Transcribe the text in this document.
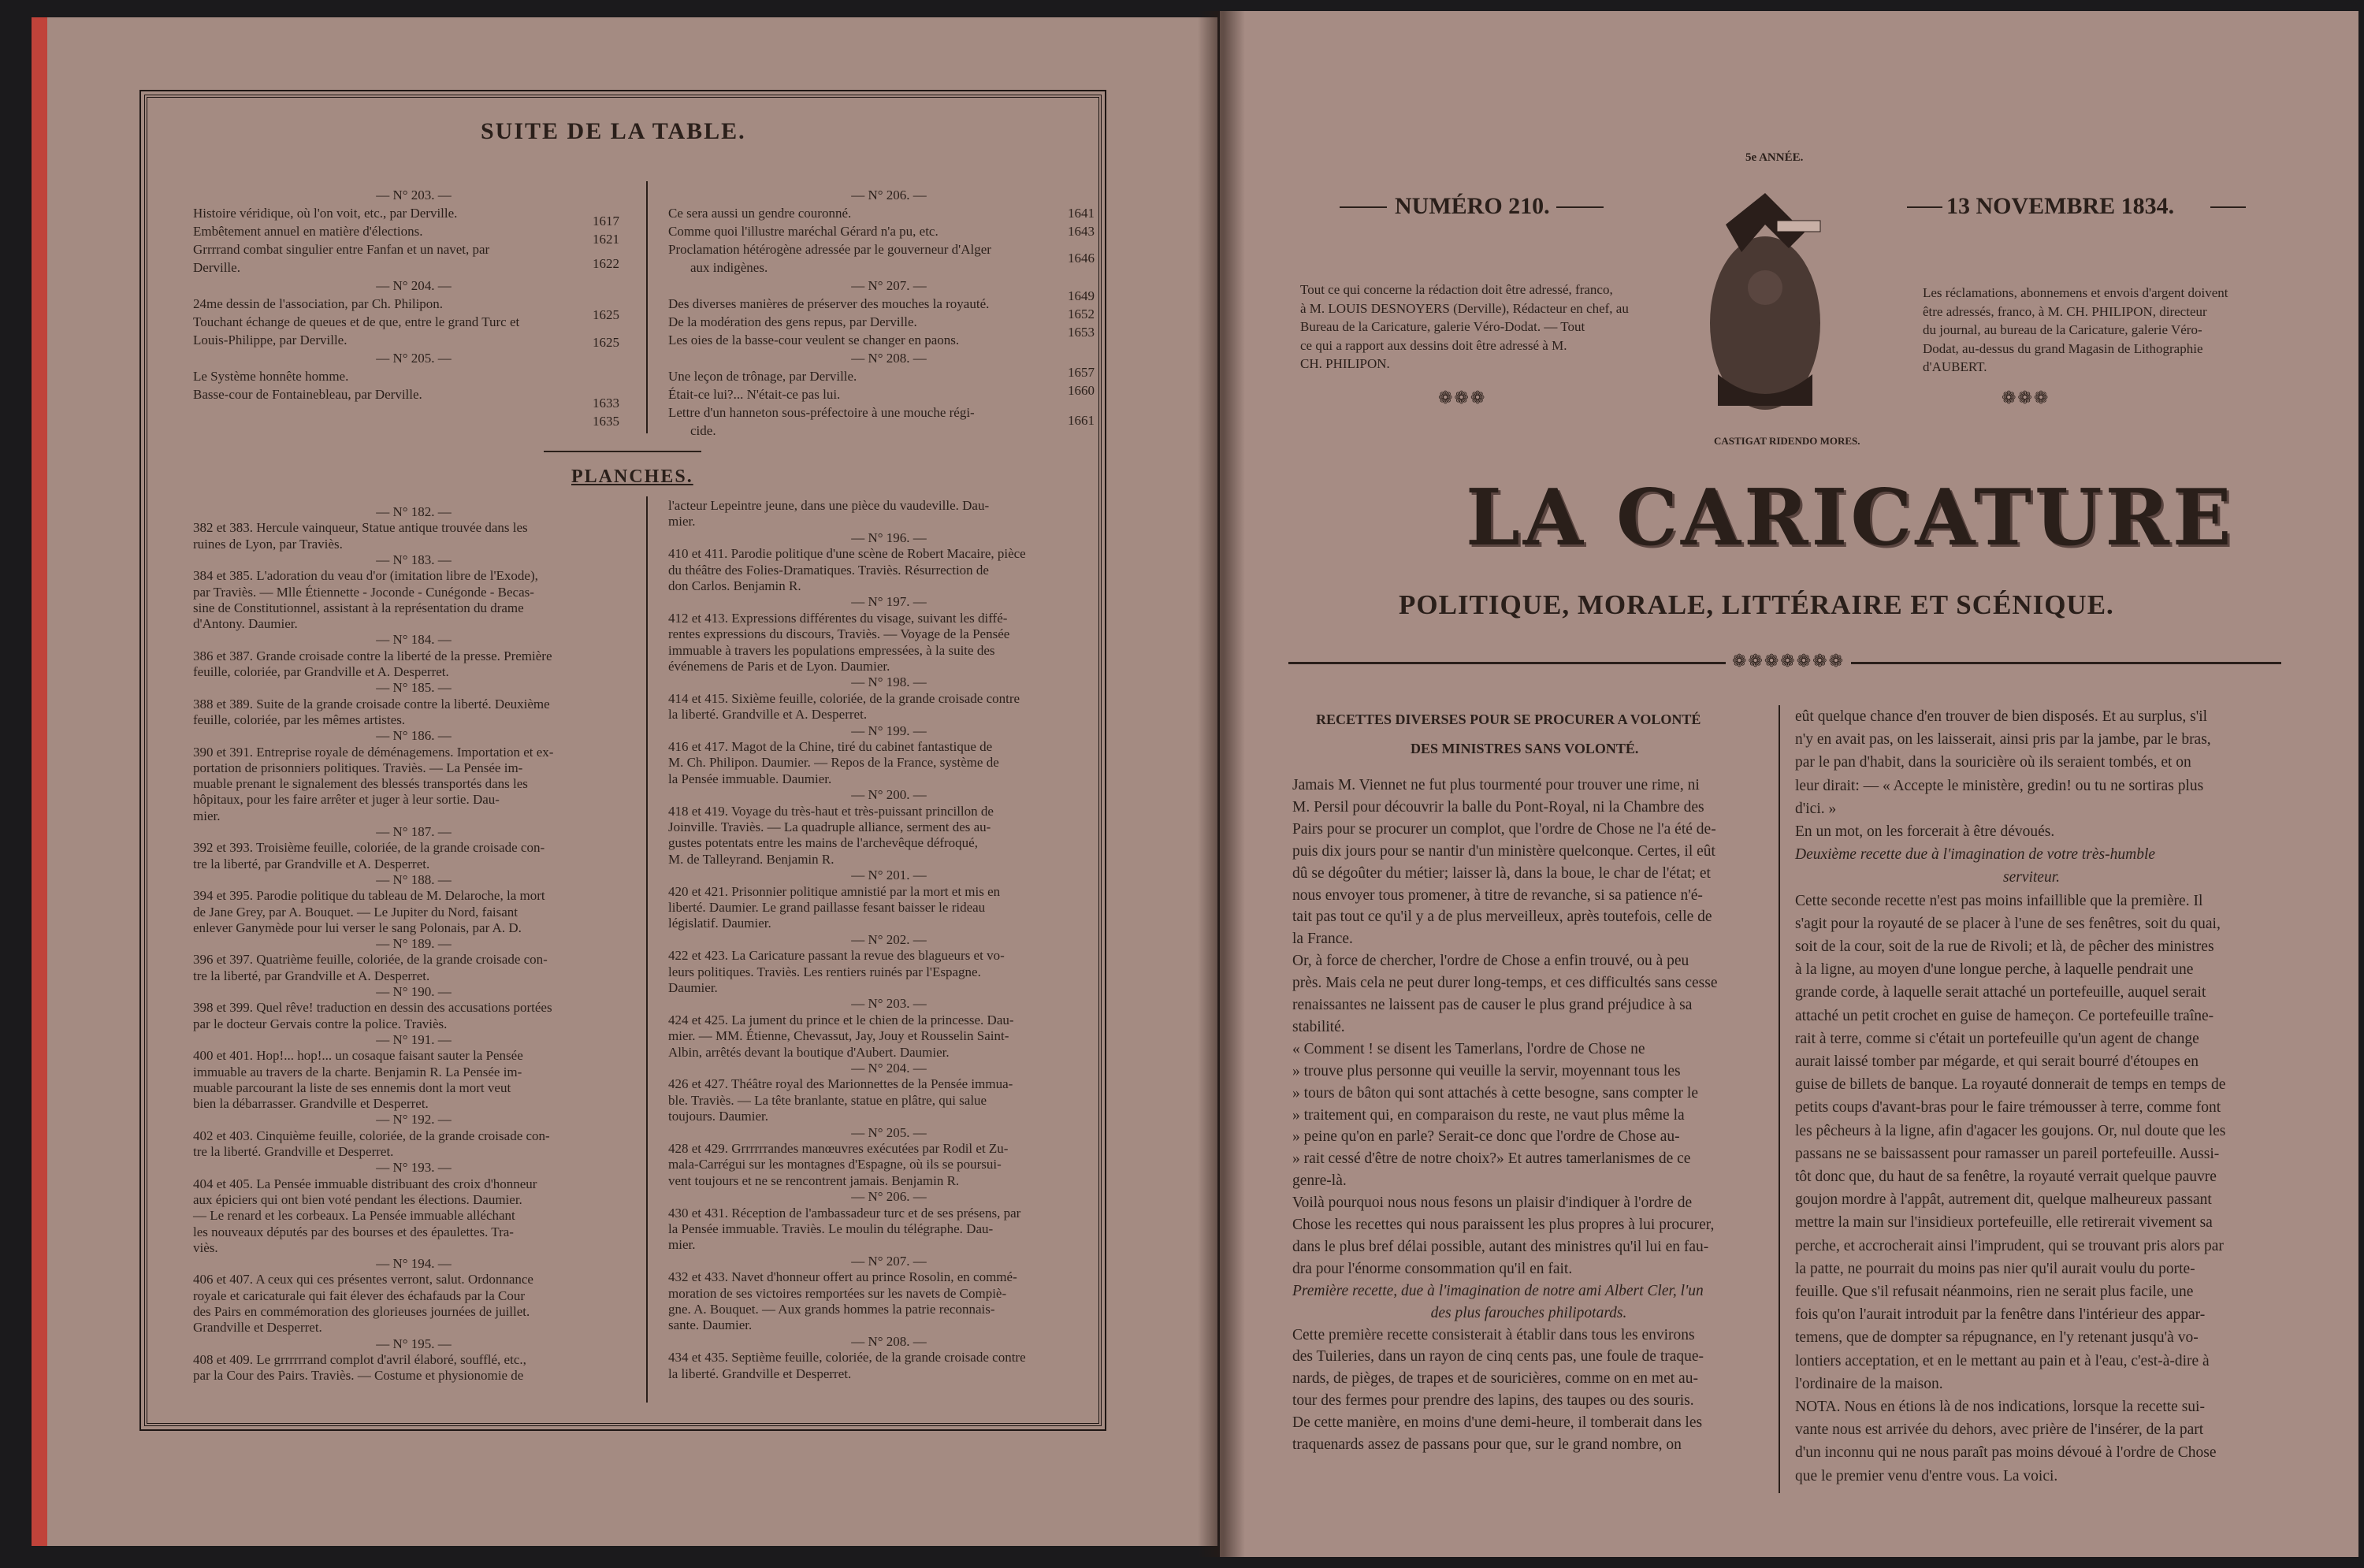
SUITE DE LA TABLE.
— N° 203. —
Histoire véridique, où l'on voit, etc., par Derville.
Embêtement annuel en matière d'élections.
Grrrrand combat singulier entre Fanfan et un navet, par
Derville.
— N° 204. —
24me dessin de l'association, par Ch. Philipon.
Touchant échange de queues et de que, entre le grand Turc et
Louis-Philippe, par Derville.
— N° 205. —
Le Système honnête homme.
Basse-cour de Fontainebleau, par Derville.
1617
1621
1622
1625
1625
1633
1635
— N° 206. —
Ce sera aussi un gendre couronné.
Comme quoi l'illustre maréchal Gérard n'a pu, etc.
Proclamation hétérogène adressée par le gouverneur d'Alger
aux indigènes.
— N° 207. —
Des diverses manières de préserver des mouches la royauté.
De la modération des gens repus, par Derville.
Les oies de la basse-cour veulent se changer en paons.
— N° 208. —
Une leçon de trônage, par Derville.
Était-ce lui?... N'était-ce pas lui.
Lettre d'un hanneton sous-préfectoire à une mouche régi-
cide.
1641
1643
1646
1649
1652
1653
1657
1660
1661
PLANCHES.
— N° 182. —
382 et 383. Hercule vainqueur, Statue antique trouvée dans les
ruines de Lyon, par Traviès.
— N° 183. —
384 et 385. L'adoration du veau d'or (imitation libre de l'Exode),
par Traviès. — Mlle Étiennette - Joconde - Cunégonde - Becas-
sine de Constitutionnel, assistant à la représentation du drame
d'Antony. Daumier.
— N° 184. —
386 et 387. Grande croisade contre la liberté de la presse. Première
feuille, coloriée, par Grandville et A. Desperret.
— N° 185. —
388 et 389. Suite de la grande croisade contre la liberté. Deuxième
feuille, coloriée, par les mêmes artistes.
— N° 186. —
390 et 391. Entreprise royale de déménagemens. Importation et ex-
portation de prisonniers politiques. Traviès. — La Pensée im-
muable prenant le signalement des blessés transportés dans les
hôpitaux, pour les faire arrêter et juger à leur sortie. Dau-
mier.
— N° 187. —
392 et 393. Troisième feuille, coloriée, de la grande croisade con-
tre la liberté, par Grandville et A. Desperret.
— N° 188. —
394 et 395. Parodie politique du tableau de M. Delaroche, la mort
de Jane Grey, par A. Bouquet. — Le Jupiter du Nord, faisant
enlever Ganymède pour lui verser le sang Polonais, par A. D.
— N° 189. —
396 et 397. Quatrième feuille, coloriée, de la grande croisade con-
tre la liberté, par Grandville et A. Desperret.
— N° 190. —
398 et 399. Quel rêve! traduction en dessin des accusations portées
par le docteur Gervais contre la police. Traviès.
— N° 191. —
400 et 401. Hop!... hop!... un cosaque faisant sauter la Pensée
immuable au travers de la charte. Benjamin R. La Pensée im-
muable parcourant la liste de ses ennemis dont la mort veut
bien la débarrasser. Grandville et Desperret.
— N° 192. —
402 et 403. Cinquième feuille, coloriée, de la grande croisade con-
tre la liberté. Grandville et Desperret.
— N° 193. —
404 et 405. La Pensée immuable distribuant des croix d'honneur
aux épiciers qui ont bien voté pendant les élections. Daumier.
— Le renard et les corbeaux. La Pensée immuable alléchant
les nouveaux députés par des bourses et des épaulettes. Tra-
viès.
— N° 194. —
406 et 407. A ceux qui ces présentes verront, salut. Ordonnance
royale et caricaturale qui fait élever des échafauds par la Cour
des Pairs en commémoration des glorieuses journées de juillet.
Grandville et Desperret.
— N° 195. —
408 et 409. Le grrrrrrand complot d'avril élaboré, soufflé, etc.,
par la Cour des Pairs. Traviès. — Costume et physionomie de
l'acteur Lepeintre jeune, dans une pièce du vaudeville. Dau-
mier.
— N° 196. —
410 et 411. Parodie politique d'une scène de Robert Macaire, pièce
du théâtre des Folies-Dramatiques. Traviès. Résurrection de
don Carlos. Benjamin R.
— N° 197. —
412 et 413. Expressions différentes du visage, suivant les diffé-
rentes expressions du discours, Traviès. — Voyage de la Pensée
immuable à travers les populations empressées, à la suite des
événemens de Paris et de Lyon. Daumier.
— N° 198. —
414 et 415. Sixième feuille, coloriée, de la grande croisade contre
la liberté. Grandville et A. Desperret.
— N° 199. —
416 et 417. Magot de la Chine, tiré du cabinet fantastique de
M. Ch. Philipon. Daumier. — Repos de la France, système de
la Pensée immuable. Daumier.
— N° 200. —
418 et 419. Voyage du très-haut et très-puissant princillon de
Joinville. Traviès. — La quadruple alliance, serment des au-
gustes potentats entre les mains de l'archevêque défroqué,
M. de Talleyrand. Benjamin R.
— N° 201. —
420 et 421. Prisonnier politique amnistié par la mort et mis en
liberté. Daumier. Le grand paillasse fesant baisser le rideau
législatif. Daumier.
— N° 202. —
422 et 423. La Caricature passant la revue des blagueurs et vo-
leurs politiques. Traviès. Les rentiers ruinés par l'Espagne.
Daumier.
— N° 203. —
424 et 425. La jument du prince et le chien de la princesse. Dau-
mier. — MM. Étienne, Chevassut, Jay, Jouy et Rousselin Saint-
Albin, arrêtés devant la boutique d'Aubert. Daumier.
— N° 204. —
426 et 427. Théâtre royal des Marionnettes de la Pensée immua-
ble. Traviès. — La tête branlante, statue en plâtre, qui salue
toujours. Daumier.
— N° 205. —
428 et 429. Grrrrrrandes manœuvres exécutées par Rodil et Zu-
mala-Carrégui sur les montagnes d'Espagne, où ils se poursui-
vent toujours et ne se rencontrent jamais. Benjamin R.
— N° 206. —
430 et 431. Réception de l'ambassadeur turc et de ses présens, par
la Pensée immuable. Traviès. Le moulin du télégraphe. Dau-
mier.
— N° 207. —
432 et 433. Navet d'honneur offert au prince Rosolin, en commé-
moration de ses victoires remportées sur les navets de Compiè-
gne. A. Bouquet. — Aux grands hommes la patrie reconnais-
sante. Daumier.
— N° 208. —
434 et 435. Septième feuille, coloriée, de la grande croisade contre
la liberté. Grandville et Desperret.
5e ANNÉE.
NUMÉRO 210.	13 NOVEMBRE 1834.
Tout ce qui concerne la rédaction doit être adressé, franco,
à M. LOUIS DESNOYERS (Derville), Rédacteur en chef, au
Bureau de la Caricature, galerie Véro-Dodat. — Tout
ce qui a rapport aux dessins doit être adressé à M.
CH. PHILIPON.
Les réclamations, abonnemens et envois d'argent doivent
être adressés, franco, à M. CH. PHILIPON, directeur
du journal, au bureau de la Caricature, galerie Véro-
Dodat, au-dessus du grand Magasin de Lithographie
d'AUBERT.
CASTIGAT RIDENDO MORES.
❁❁❁	❁❁❁
LA CARICATURE
POLITIQUE, MORALE, LITTÉRAIRE ET SCÉNIQUE.
❁❁❁❁❁❁❁
RECETTES DIVERSES POUR SE PROCURER A VOLONTÉ
DES MINISTRES SANS VOLONTÉ.
Jamais M. Viennet ne fut plus tourmenté pour trouver une rime, ni
M. Persil pour découvrir la balle du Pont-Royal, ni la Chambre des
Pairs pour se procurer un complot, que l'ordre de Chose ne l'a été de-
puis dix jours pour se nantir d'un ministère quelconque. Certes, il eût
dû se dégoûter du métier; laisser là, dans la boue, le char de l'état; et
nous envoyer tous promener, à titre de revanche, si sa patience n'é-
tait pas tout ce qu'il y a de plus merveilleux, après toutefois, celle de
la France.
Or, à force de chercher, l'ordre de Chose a enfin trouvé, ou à peu
près. Mais cela ne peut durer long-temps, et ces difficultés sans cesse
renaissantes ne laissent pas de causer le plus grand préjudice à sa
stabilité.
« Comment ! se disent les Tamerlans, l'ordre de Chose ne
» trouve plus personne qui veuille la servir, moyennant tous les
» tours de bâton qui sont attachés à cette besogne, sans compter le
» traitement qui, en comparaison du reste, ne vaut plus même la
» peine qu'on en parle? Serait-ce donc que l'ordre de Chose au-
» rait cessé d'être de notre choix?» Et autres tamerlanismes de ce
genre-là.
Voilà pourquoi nous nous fesons un plaisir d'indiquer à l'ordre de
Chose les recettes qui nous paraissent les plus propres à lui procurer,
dans le plus bref délai possible, autant des ministres qu'il lui en fau-
dra pour l'énorme consommation qu'il en fait.
Première recette, due à l'imagination de notre ami Albert Cler, l'un
des plus farouches philipotards.
Cette première recette consisterait à établir dans tous les environs
des Tuileries, dans un rayon de cinq cents pas, une foule de traque-
nards, de pièges, de trapes et de souricières, comme on en met au-
tour des fermes pour prendre des lapins, des taupes ou des souris.
De cette manière, en moins d'une demi-heure, il tomberait dans les
traquenards assez de passans pour que, sur le grand nombre, on
eût quelque chance d'en trouver de bien disposés. Et au surplus, s'il
n'y en avait pas, on les laisserait, ainsi pris par la jambe, par le bras,
par le pan d'habit, dans la souricière où ils seraient tombés, et on
leur dirait: — « Accepte le ministère, gredin! ou tu ne sortiras plus
d'ici. »
En un mot, on les forcerait à être dévoués.
Deuxième recette due à l'imagination de votre très-humble
serviteur.
Cette seconde recette n'est pas moins infaillible que la première. Il
s'agit pour la royauté de se placer à l'une de ses fenêtres, soit du quai,
soit de la cour, soit de la rue de Rivoli; et là, de pêcher des ministres
à la ligne, au moyen d'une longue perche, à laquelle pendrait une
grande corde, à laquelle serait attaché un portefeuille, auquel serait
attaché un petit crochet en guise de hameçon. Ce portefeuille traîne-
rait à terre, comme si c'était un portefeuille qu'un agent de change
aurait laissé tomber par mégarde, et qui serait bourré d'étoupes en
guise de billets de banque. La royauté donnerait de temps en temps de
petits coups d'avant-bras pour le faire trémousser à terre, comme font
les pêcheurs à la ligne, afin d'agacer les goujons. Or, nul doute que les
passans ne se baissassent pour ramasser un pareil portefeuille. Aussi-
tôt donc que, du haut de sa fenêtre, la royauté verrait quelque pauvre
goujon mordre à l'appât, autrement dit, quelque malheureux passant
mettre la main sur l'insidieux portefeuille, elle retirerait vivement sa
perche, et accrocherait ainsi l'imprudent, qui se trouvant pris alors par
la patte, ne pourrait du moins pas nier qu'il aurait voulu du porte-
feuille. Que s'il refusait néanmoins, rien ne serait plus facile, une
fois qu'on l'aurait introduit par la fenêtre dans l'intérieur des appar-
temens, que de dompter sa répugnance, en l'y retenant jusqu'à vo-
lontiers acceptation, et en le mettant au pain et à l'eau, c'est-à-dire à
l'ordinaire de la maison.
NOTA. Nous en étions là de nos indications, lorsque la recette sui-
vante nous est arrivée du dehors, avec prière de l'insérer, de la part
d'un inconnu qui ne nous paraît pas moins dévoué à l'ordre de Chose
que le premier venu d'entre vous. La voici.
